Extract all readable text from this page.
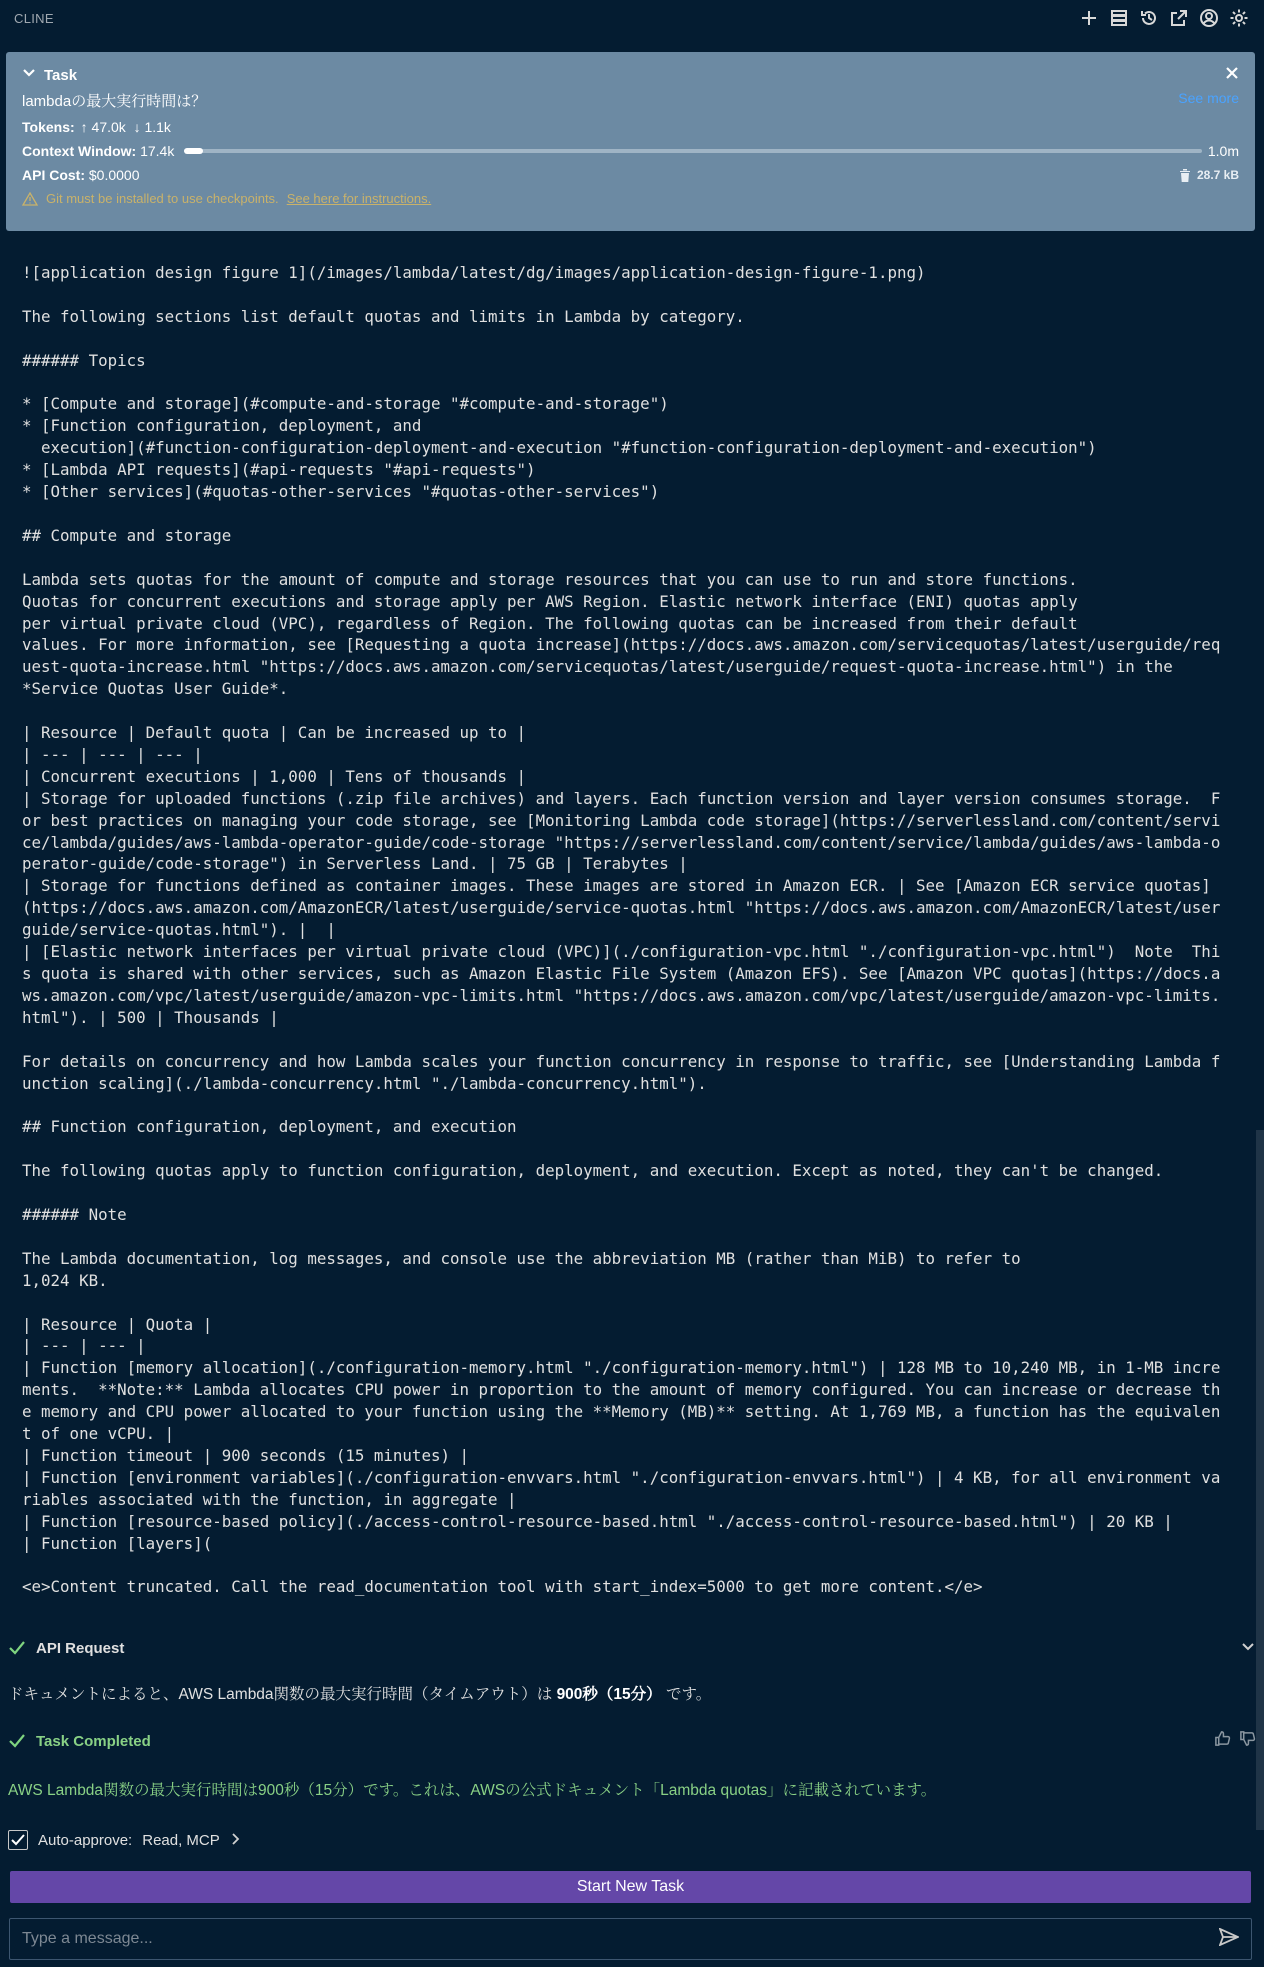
CLINE
Task
lambdaの最大実行時間は？	See more
Tokens: ↑
47.0k
↓
1.1k
Context Window:
17.4k	1.0m
API Cost: $0.0000	28.7 kB
Git must be installed to use checkpoints. See here for instructions.
![application design figure 1](/images/lambda/latest/dg/images/application-design-figure-1.png)

The following sections list default quotas and limits in Lambda by category.

###### Topics

* [Compute and storage](#compute-and-storage "#compute-and-storage")
* [Function configuration, deployment, and
execution](#function-configuration-deployment-and-execution "#function-configuration-deployment-and-execution")
* [Lambda API requests](#api-requests "#api-requests")
* [Other services](#quotas-other-services "#quotas-other-services")

## Compute and storage

Lambda sets quotas for the amount of compute and storage resources that you can use to run and store functions.
Quotas for concurrent executions and storage apply per AWS Region. Elastic network interface (ENI) quotas apply
per virtual private cloud (VPC), regardless of Region. The following quotas can be increased from their default
values. For more information, see [Requesting a quota increase](https://docs.aws.amazon.com/servicequotas/latest/userguide/req
uest-quota-increase.html "https://docs.aws.amazon.com/servicequotas/latest/userguide/request-quota-increase.html") in the
*Service Quotas User Guide*.

| Resource | Default quota | Can be increased up to |
| --- | --- | --- |
| Concurrent executions | 1,000 | Tens of thousands |
| Storage for uploaded functions (.zip file archives) and layers. Each function version and layer version consumes storage.  F
or best practices on managing your code storage, see [Monitoring Lambda code storage](https://serverlessland.com/content/servi
ce/lambda/guides/aws-lambda-operator-guide/code-storage "https://serverlessland.com/content/service/lambda/guides/aws-lambda-o
perator-guide/code-storage") in Serverless Land. | 75 GB | Terabytes |
| Storage for functions defined as container images. These images are stored in Amazon ECR. | See [Amazon ECR service quotas]
(https://docs.aws.amazon.com/AmazonECR/latest/userguide/service-quotas.html "https://docs.aws.amazon.com/AmazonECR/latest/user
guide/service-quotas.html"). |  |
| [Elastic network interfaces per virtual private cloud (VPC)](./configuration-vpc.html "./configuration-vpc.html")  Note  Thi
s quota is shared with other services, such as Amazon Elastic File System (Amazon EFS). See [Amazon VPC quotas](https://docs.a
ws.amazon.com/vpc/latest/userguide/amazon-vpc-limits.html "https://docs.aws.amazon.com/vpc/latest/userguide/amazon-vpc-limits.
html"). | 500 | Thousands |

For details on concurrency and how Lambda scales your function concurrency in response to traffic, see [Understanding Lambda f
unction scaling](./lambda-concurrency.html "./lambda-concurrency.html").

## Function configuration, deployment, and execution

The following quotas apply to function configuration, deployment, and execution. Except as noted, they can't be changed.

###### Note

The Lambda documentation, log messages, and console use the abbreviation MB (rather than MiB) to refer to
1,024 KB.

| Resource | Quota |
| --- | --- |
| Function [memory allocation](./configuration-memory.html "./configuration-memory.html") | 128 MB to 10,240 MB, in 1-MB incre
ments.  **Note:** Lambda allocates CPU power in proportion to the amount of memory configured. You can increase or decrease th
e memory and CPU power allocated to your function using the **Memory (MB)** setting. At 1,769 MB, a function has the equivalen
t of one vCPU. |
| Function timeout | 900 seconds (15 minutes) |
| Function [environment variables](./configuration-envvars.html "./configuration-envvars.html") | 4 KB, for all environment va
riables associated with the function, in aggregate |
| Function [resource-based policy](./access-control-resource-based.html "./access-control-resource-based.html") | 20 KB |
| Function [layers](

<e>Content truncated. Call the read_documentation tool with start_index=5000 to get more content.</e>
API Request
ドキュメントによると、AWS Lambda関数の最大実行時間（タイムアウト）は 900秒（15分） です。
Task Completed
AWS Lambda関数の最大実行時間は900秒（15分）です。これは、AWSの公式ドキュメント「Lambda quotas」に記載されています。
Auto-approve: Read, MCP
Start New Task
Type a message...
